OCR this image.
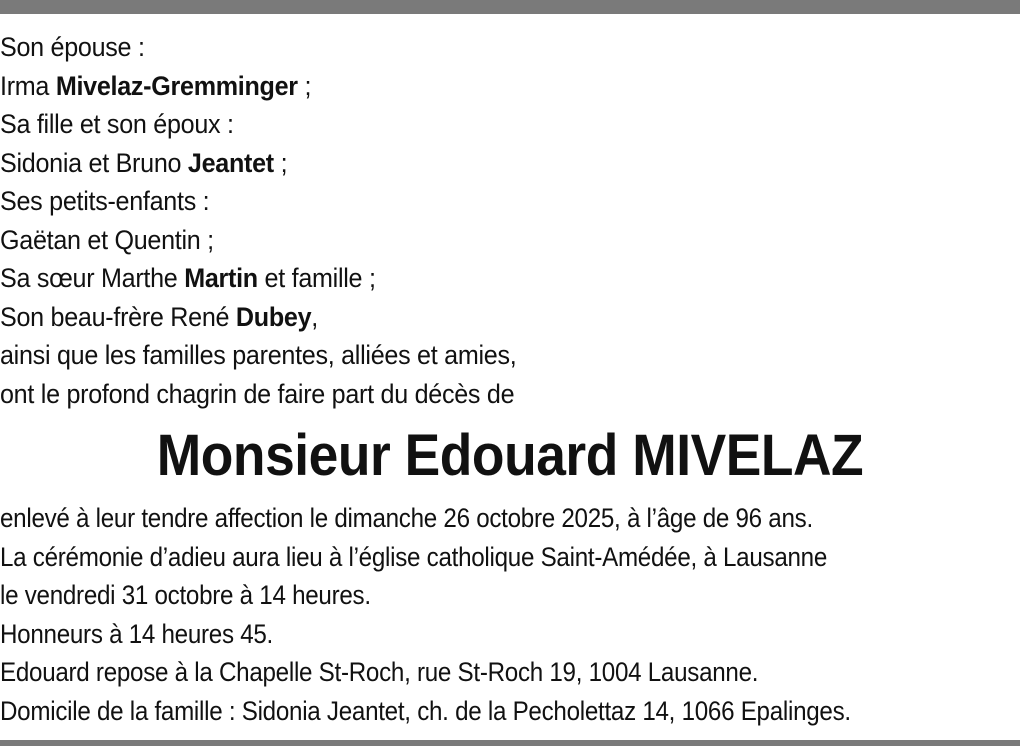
Son épouse :
Irma Mivelaz-Gremminger ;
Sa fille et son époux :
Sidonia et Bruno Jeantet ;
Ses petits-enfants :
Gaëtan et Quentin ;
Sa sœur Marthe Martin et famille ;
Son beau-frère René Dubey,
ainsi que les familles parentes, alliées et amies,
ont le profond chagrin de faire part du décès de
Monsieur Edouard MIVELAZ
enlevé à leur tendre affection le dimanche 26 octobre 2025, à l’âge de 96 ans.
La cérémonie d’adieu aura lieu à l’église catholique Saint-Amédée, à Lausanne
le vendredi 31 octobre à 14 heures.
Honneurs à 14 heures 45.
Edouard repose à la Chapelle St-Roch, rue St-Roch 19, 1004 Lausanne.
Domicile de la famille : Sidonia Jeantet, ch. de la Pecholettaz 14, 1066 Epalinges.
